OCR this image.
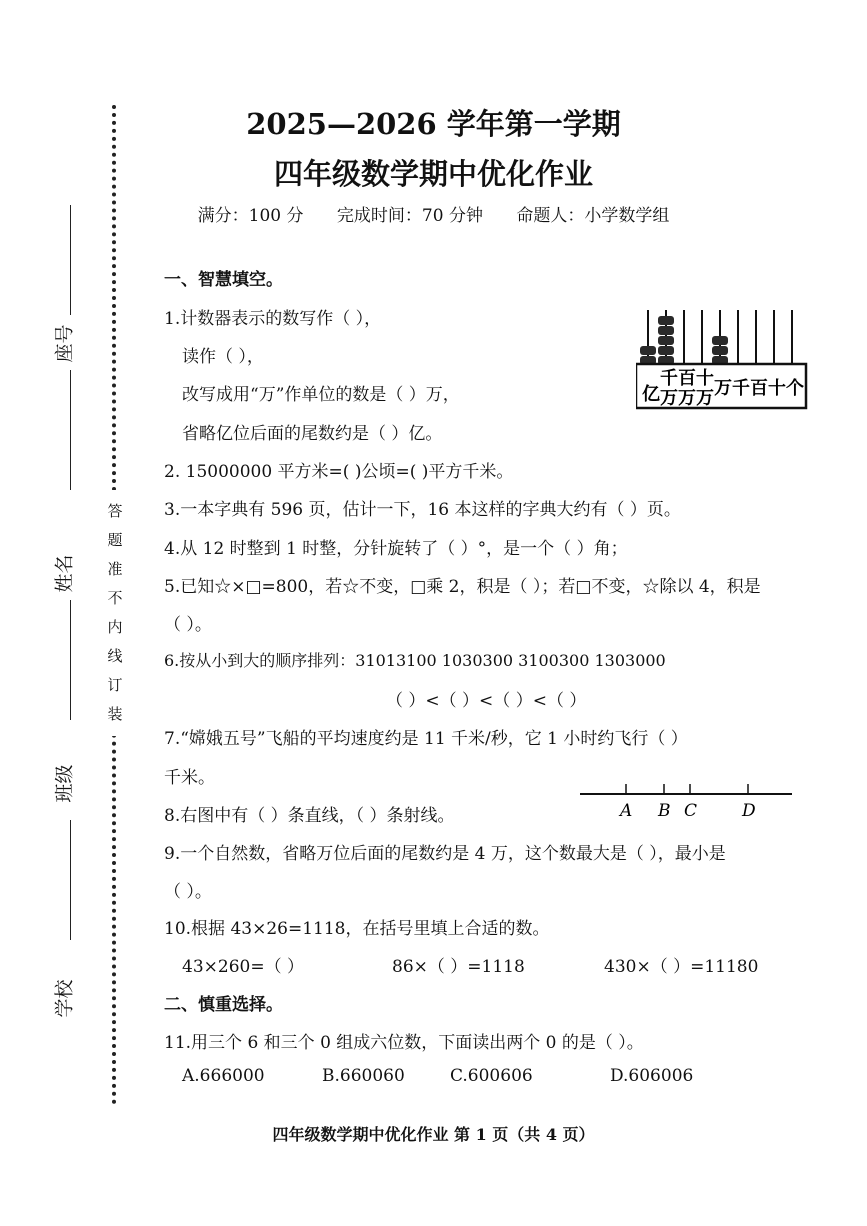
座号
姓名
班级
学校
答
题
准
不
内
线
订
装
2025—2026 学年第一学期
四年级数学期中优化作业
满分：100 分 完成时间：70 分钟 命题人：小学数学组
一、智慧填空。
1.计数器表示的数写作（ ），
读作（ ），
改写成用“万”作单位的数是（ ）万，
省略亿位后面的尾数约是（ ）亿。
亿
千百十
万万万 万千百十个
2. 15000000 平方米=( )公顷=( )平方千米。
3.一本字典有 596 页，估计一下，16 本这样的字典大约有（ ）页。
4.从 12 时整到 1 时整，分针旋转了（ ）°，是一个（ ）角；
5.已知☆×□=800，若☆不变，□乘 2，积是（ ）；若□不变，☆除以 4，积是
（ ）。
6.按从小到大的顺序排列：31013100 1030300 3100300 1303000
（ ）<（ ）<（ ）<（ ）
7.“嫦娥五号”飞船的平均速度约是 11 千米/秒，它 1 小时约飞行（ ）
千米。
8.右图中有（ ）条直线，（ ）条射线。	A B C	D
9.一个自然数，省略万位后面的尾数约是 4 万，这个数最大是（ ），最小是
（ ）。
10.根据 43×26=1118，在括号里填上合适的数。
43×260=（ ）	86×（ ）=1118	430×（ ）=11180
二、慎重选择。
11.用三个 6 和三个 0 组成六位数，下面读出两个 0 的是（ ）。
A.666000	B.660060	C.600606	D.606006
四年级数学期中优化作业 第 1 页（共 4 页）
